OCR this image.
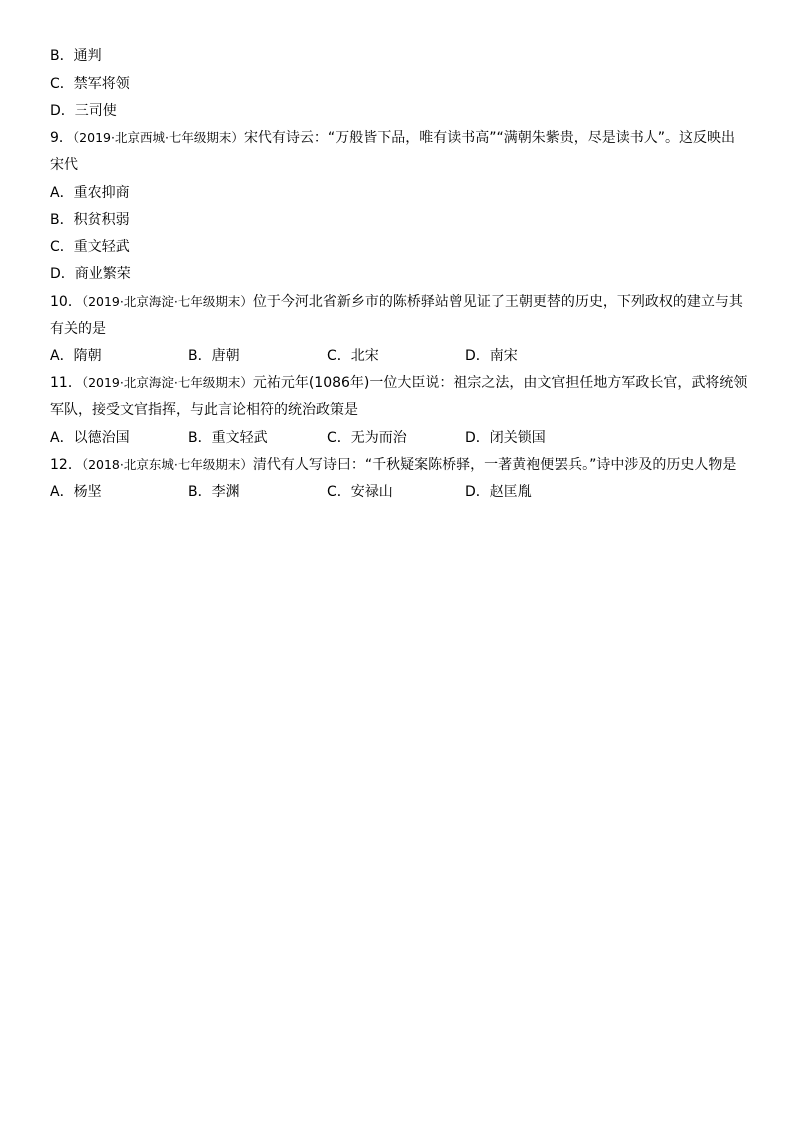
B．通判
C．禁军将领
D．三司使
9．（2019·北京西城·七年级期末）宋代有诗云：“万般皆下品，唯有读书高”“满朝朱紫贵，尽是读书人”。这反映出
宋代
A．重农抑商
B．积贫积弱
C．重文轻武
D．商业繁荣
10．（2019·北京海淀·七年级期末）位于今河北省新乡市的陈桥驿站曾见证了王朝更替的历史，下列政权的建立与其
有关的是
A．隋朝	B．唐朝	C．北宋	D．南宋
11．（2019·北京海淀·七年级期末）元祐元年(1086年)一位大臣说：祖宗之法，由文官担任地方军政长官，武将统领
军队，接受文官指挥，与此言论相符的统治政策是
A．以德治国	B．重文轻武	C．无为而治	D．闭关锁国
12．（2018·北京东城·七年级期末）清代有人写诗曰：“千秋疑案陈桥驿，一著黄袍便罢兵。”诗中涉及的历史人物是
A．杨坚	B．李渊	C．安禄山	D．赵匡胤
